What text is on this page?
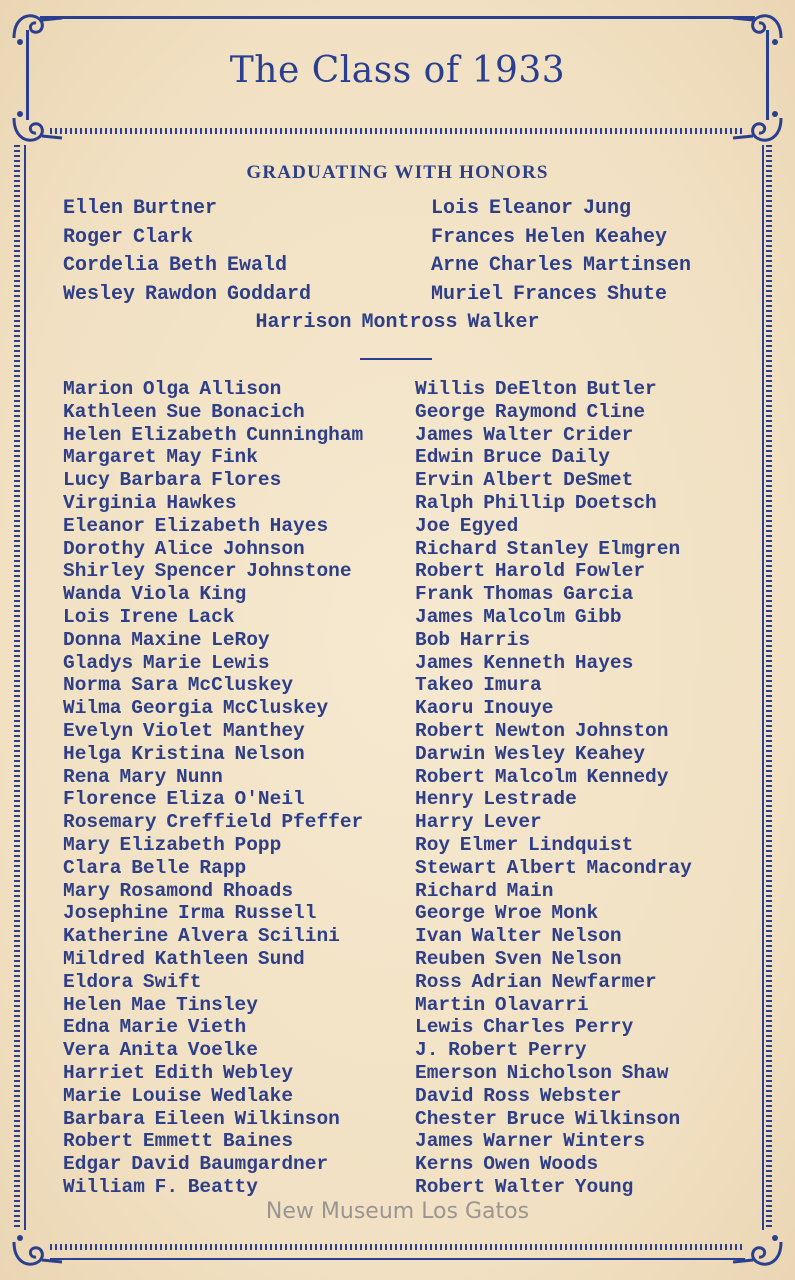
The Class of 1933
GRADUATING WITH HONORS
Ellen Burtner
Roger Clark
Cordelia Beth Ewald
Wesley Rawdon Goddard
Lois Eleanor Jung
Frances Helen Keahey
Arne Charles Martinsen
Muriel Frances Shute
Harrison Montross Walker
Marion Olga Allison
Kathleen Sue Bonacich
Helen Elizabeth Cunningham
Margaret May Fink
Lucy Barbara Flores
Virginia Hawkes
Eleanor Elizabeth Hayes
Dorothy Alice Johnson
Shirley Spencer Johnstone
Wanda Viola King
Lois Irene Lack
Donna Maxine LeRoy
Gladys Marie Lewis
Norma Sara McCluskey
Wilma Georgia McCluskey
Evelyn Violet Manthey
Helga Kristina Nelson
Rena Mary Nunn
Florence Eliza O'Neil
Rosemary Creffield Pfeffer
Mary Elizabeth Popp
Clara Belle Rapp
Mary Rosamond Rhoads
Josephine Irma Russell
Katherine Alvera Scilini
Mildred Kathleen Sund
Eldora Swift
Helen Mae Tinsley
Edna Marie Vieth
Vera Anita Voelke
Harriet Edith Webley
Marie Louise Wedlake
Barbara Eileen Wilkinson
Robert Emmett Baines
Edgar David Baumgardner
William F. Beatty
Willis DeElton Butler
George Raymond Cline
James Walter Crider
Edwin Bruce Daily
Ervin Albert DeSmet
Ralph Phillip Doetsch
Joe Egyed
Richard Stanley Elmgren
Robert Harold Fowler
Frank Thomas Garcia
James Malcolm Gibb
Bob Harris
James Kenneth Hayes
Takeo Imura
Kaoru Inouye
Robert Newton Johnston
Darwin Wesley Keahey
Robert Malcolm Kennedy
Henry Lestrade
Harry Lever
Roy Elmer Lindquist
Stewart Albert Macondray
Richard Main
George Wroe Monk
Ivan Walter Nelson
Reuben Sven Nelson
Ross Adrian Newfarmer
Martin Olavarri
Lewis Charles Perry
J. Robert Perry
Emerson Nicholson Shaw
David Ross Webster
Chester Bruce Wilkinson
James Warner Winters
Kerns Owen Woods
Robert Walter Young
New Museum Los Gatos
